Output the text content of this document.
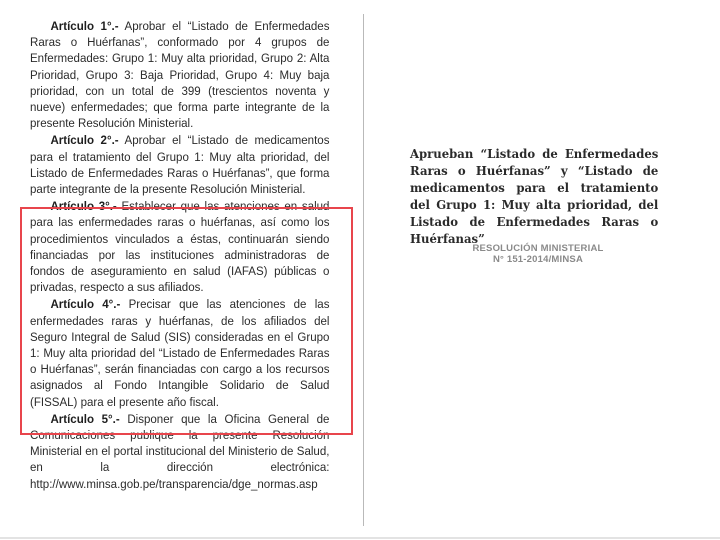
Artículo 1°.- Aprobar el “Listado de Enfermedades Raras o Huérfanas”, conformado por 4 grupos de Enfermedades: Grupo 1: Muy alta prioridad, Grupo 2: Alta Prioridad, Grupo 3: Baja Prioridad, Grupo 4: Muy baja prioridad, con un total de 399 (trescientos noventa y nueve) enfermedades; que forma parte integrante de la presente Resolución Ministerial.

Artículo 2°.- Aprobar el “Listado de medicamentos para el tratamiento del Grupo 1: Muy alta prioridad, del Listado de Enfermedades Raras o Huérfanas”, que forma parte integrante de la presente Resolución Ministerial.

Artículo 3°.- Establecer que las atenciones en salud para las enfermedades raras o huérfanas, así como los procedimientos vinculados a éstas, continuarán siendo financiadas por las instituciones administradoras de fondos de aseguramiento en salud (IAFAS) públicas o privadas, respecto a sus afiliados.

Artículo 4°.- Precisar que las atenciones de las enfermedades raras y huérfanas, de los afiliados del Seguro Integral de Salud (SIS) consideradas en el Grupo 1: Muy alta prioridad del “Listado de Enfermedades Raras o Huérfanas”, serán financiadas con cargo a los recursos asignados al Fondo Intangible Solidario de Salud (FISSAL) para el presente año fiscal.

Artículo 5°.- Disponer que la Oficina General de Comunicaciones publique la presente Resolución Ministerial en el portal institucional del Ministerio de Salud, en la dirección electrónica: http://www.minsa.gob.pe/transparencia/dge_normas.asp

Aprueban “Listado de Enfermedades Raras o Huérfanas” y “Listado de medicamentos para el tratamiento del Grupo 1: Muy alta prioridad, del Listado de Enfermedades Raras o Huérfanas”
RESOLUCIÓN MINISTERIAL
N° 151-2014/MINSA
